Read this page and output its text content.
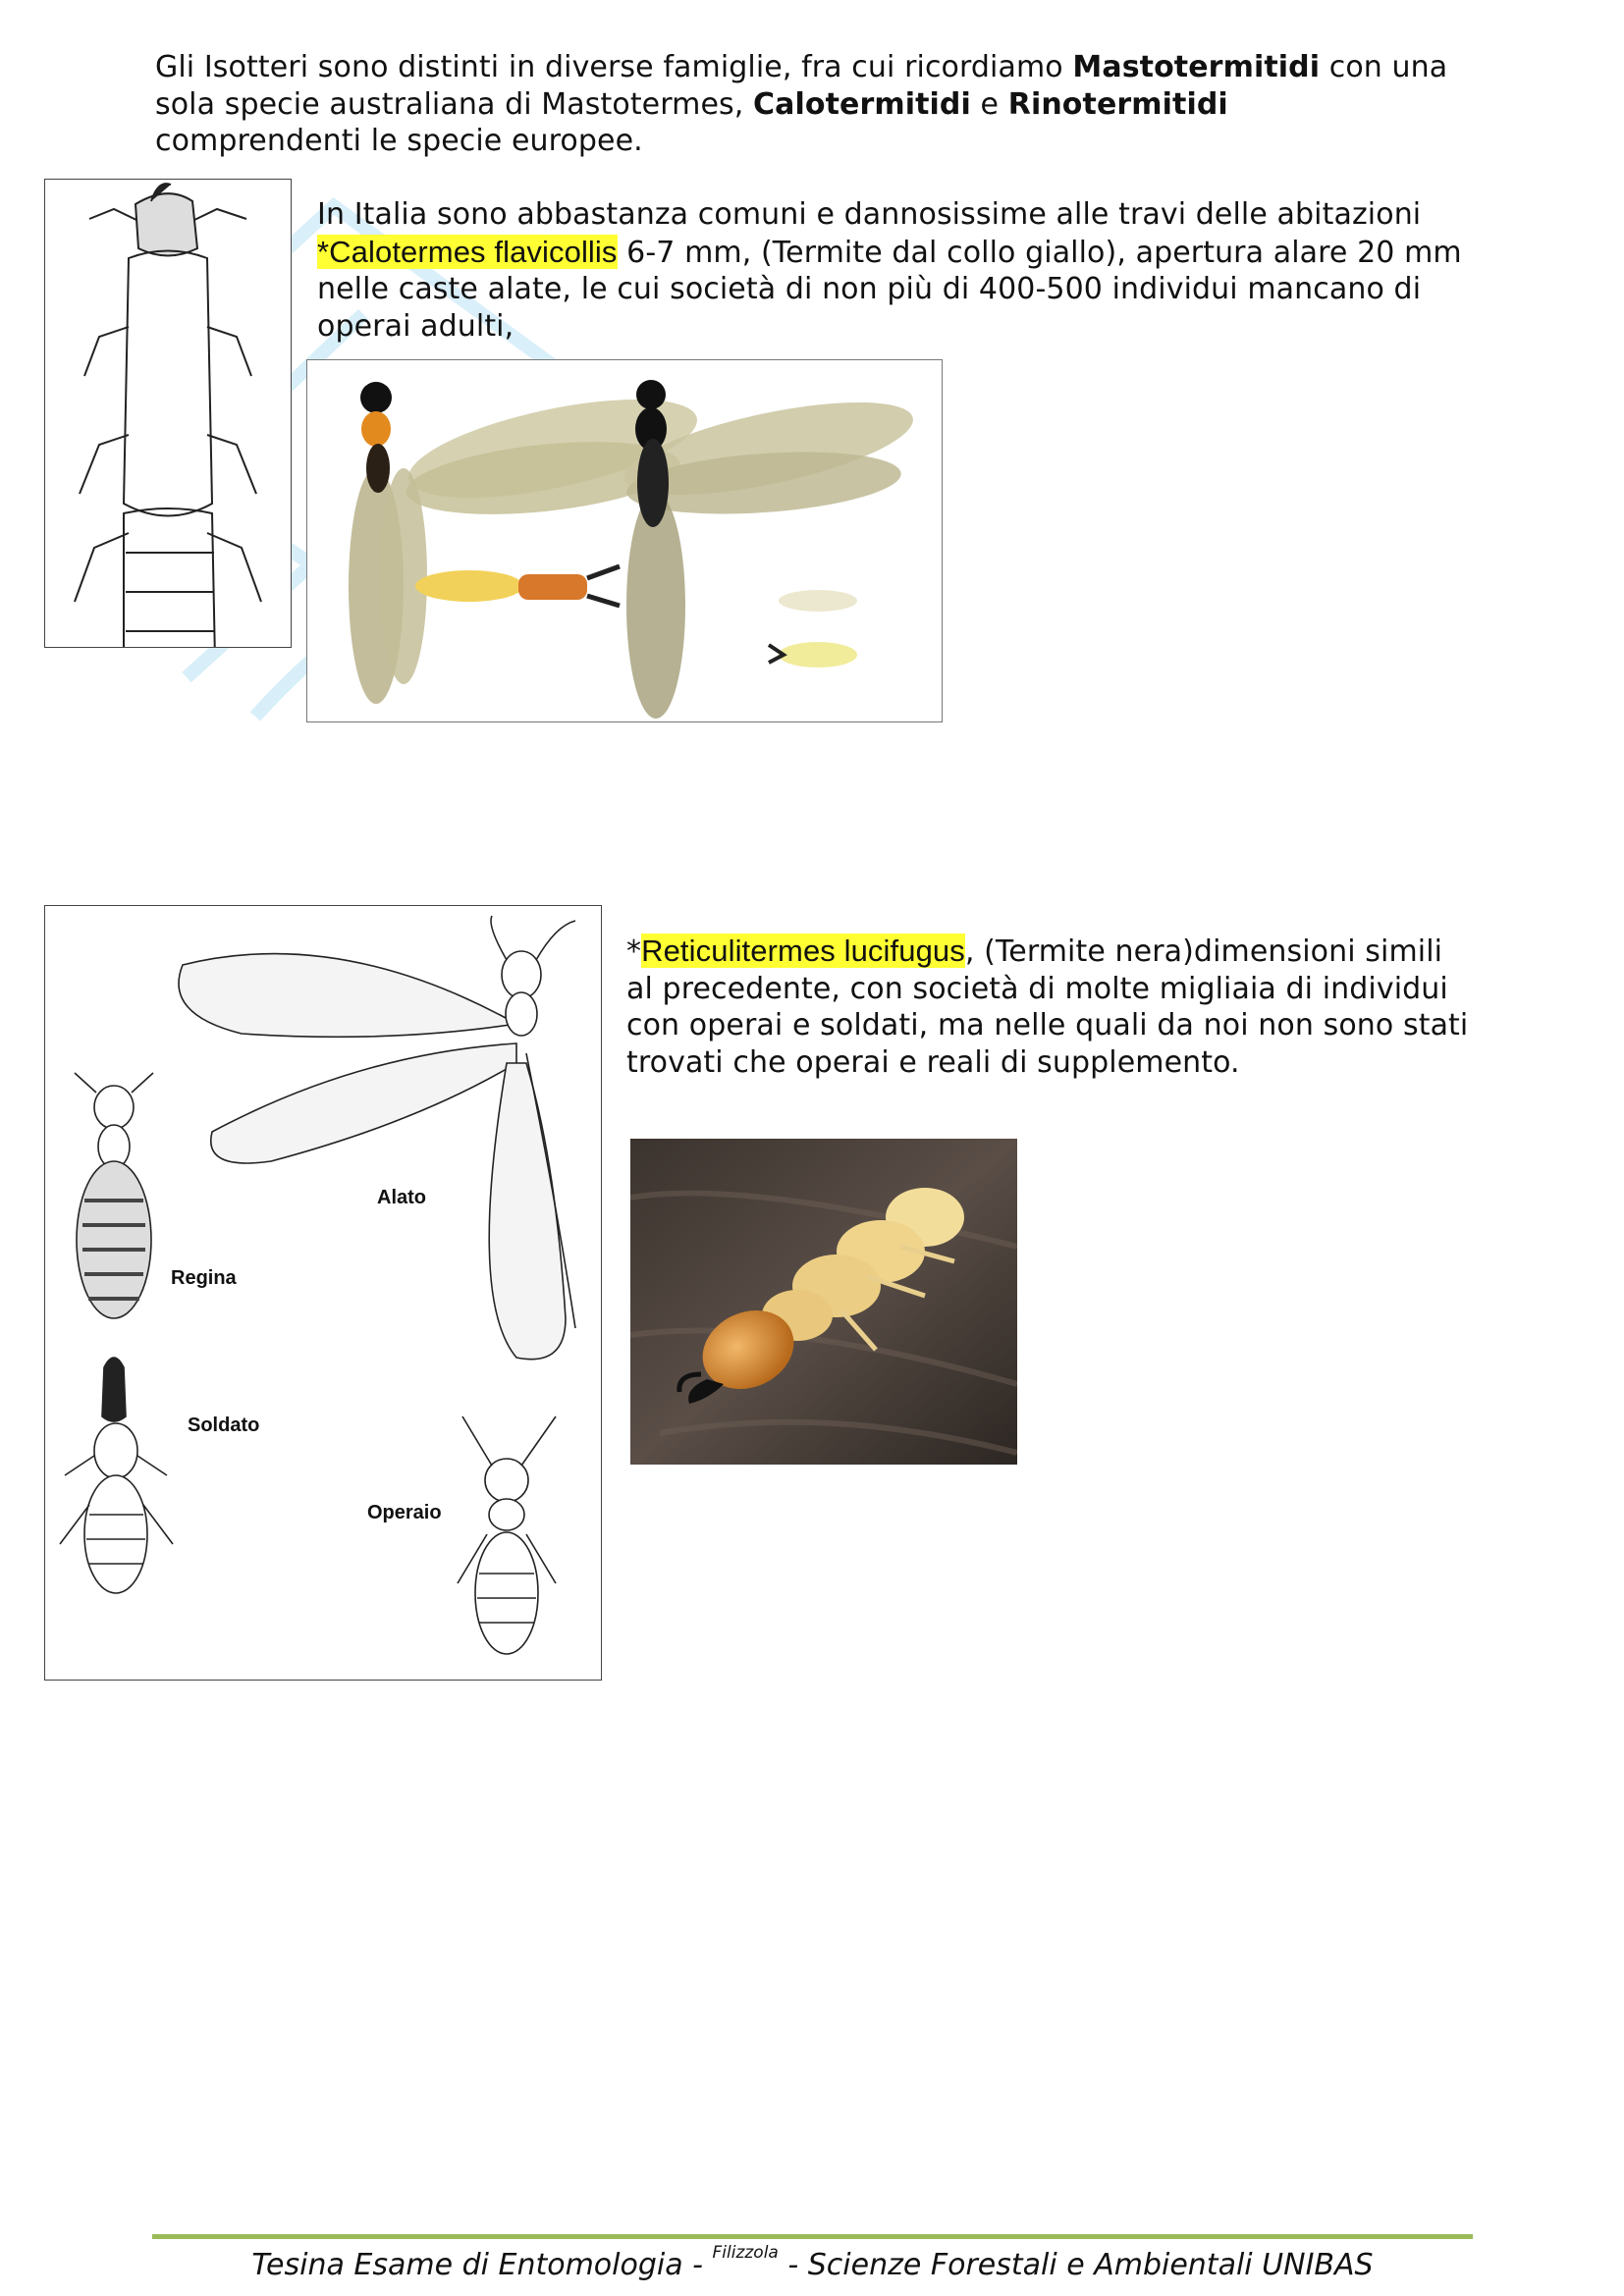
Gli Isotteri sono distinti in diverse famiglie, fra cui ricordiamo Mastotermitidi con una sola specie australiana di Mastotermes, Calotermitidi e Rinotermitidi
comprendenti le specie europee.
In Italia sono abbastanza comuni e dannosissime alle travi delle abitazioni *Calotermes flavicollis 6-7 mm, (Termite dal collo giallo), apertura alare 20 mm nelle caste alate, le cui società di non più di 400-500 individui mancano di operai adulti,
Alato
Regina
Soldato
Operaio
*Reticulitermes lucifugus, (Termite nera)dimensioni simili al precedente, con società di molte migliaia di individui con operai e soldati, ma nelle quali da noi non sono stati trovati che operai e reali di supplemento.
Tesina Esame di Entomologia - $^{Filizzola}$ - Scienze Forestali e Ambientali UNIBAS
